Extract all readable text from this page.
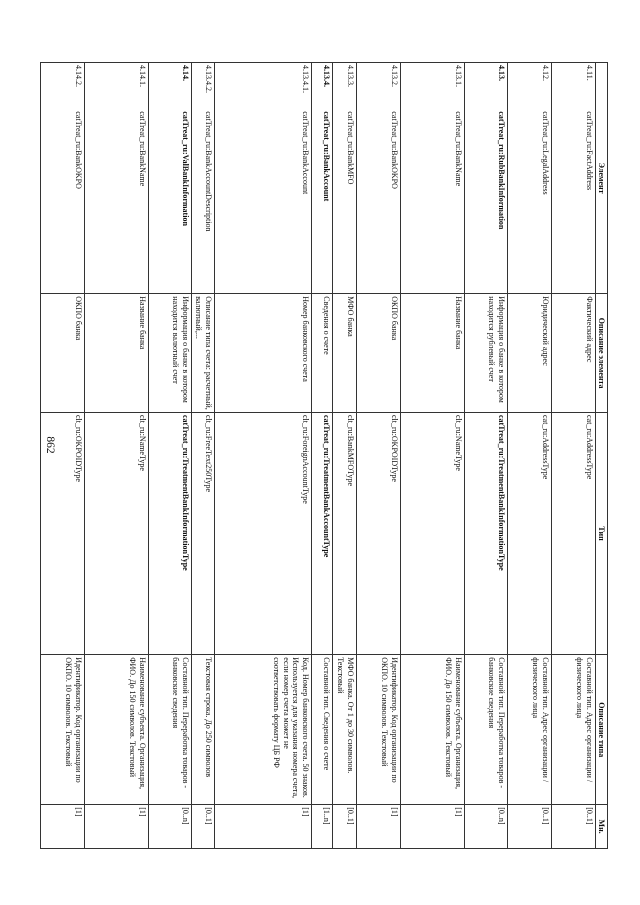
862
Элемент		Описание элемента	Тип	Описание типа	Мн.
4.11.	catTreat_ru:FactAddress	Фактический адрес	cat_ru:AddressType	Составной тип. Адрес организации / физического лица	[0..1]
4.12.	catTreat_ru:LegalAddress	Юридический адрес	cat_ru:AddressType	Составной тип. Адрес организации / физического лица	[0..1]
4.13.	catTreat_ru:RubBankInformation	Информация о банке в котором находится рублевый счет	catTreat_ru:TreatmentBankInformationType	Составной тип. Переработка товаров - банковские сведения	[0..n]
4.13.1.	catTreat_ru:BankName	Название банка	clt_ru:NameType	Наименование субъекта. Организация, ФИО. До 150 символов. Текстовый	[1]
4.13.2.	catTreat_ru:BankOKPO	ОКПО банка	clt_ru:OKPOIDType	Идентификатор. Код организации по ОКПО. 10 символов. Текстовый	[1]
4.13.3.	catTreat_ru:BankMFO	МФО банка	clt_ru:BankMFOType	МФО банка. От 1 до 30 символов. Текстовый	[0..1]
4.13.4.	catTreat_ru:BankAccount	Сведения о счете	catTreat_ru:TreatmentBankAccountType	Составной тип. Сведения о счете	[1..n]
4.13.4.1.	catTreat_ru:BankAccount	Номер банковского счета	clt_ru:ForeignAccountType	Код. Номер банковского счета. 50 знаков. Используется для указания номера счета, если номер счета может не соответствовать формату ЦБ РФ	[1]
4.13.4.2.	catTreat_ru:BankAccountDescription	Описание типа счета: расчетный, валютный,...	clt_ru:FreeText250Type	Текстовая строка. До 250 символов	[0..1]
4.14.	catTreat_ru:ValBankInformation	Информация о банке в котором находится валютный счет	catTreat_ru:TreatmentBankInformationType	Составной тип. Переработка товаров - банковские сведения	[0..n]
4.14.1.	catTreat_ru:BankName	Название банка	clt_ru:NameType	Наименование субъекта. Организация, ФИО. До 150 символов. Текстовый	[1]
4.14.2.	catTreat_ru:BankOKPO	ОКПО банка	clt_ru:OKPOIDType	Идентификатор. Код организации по ОКПО. 10 символов. Текстовый	[1]
